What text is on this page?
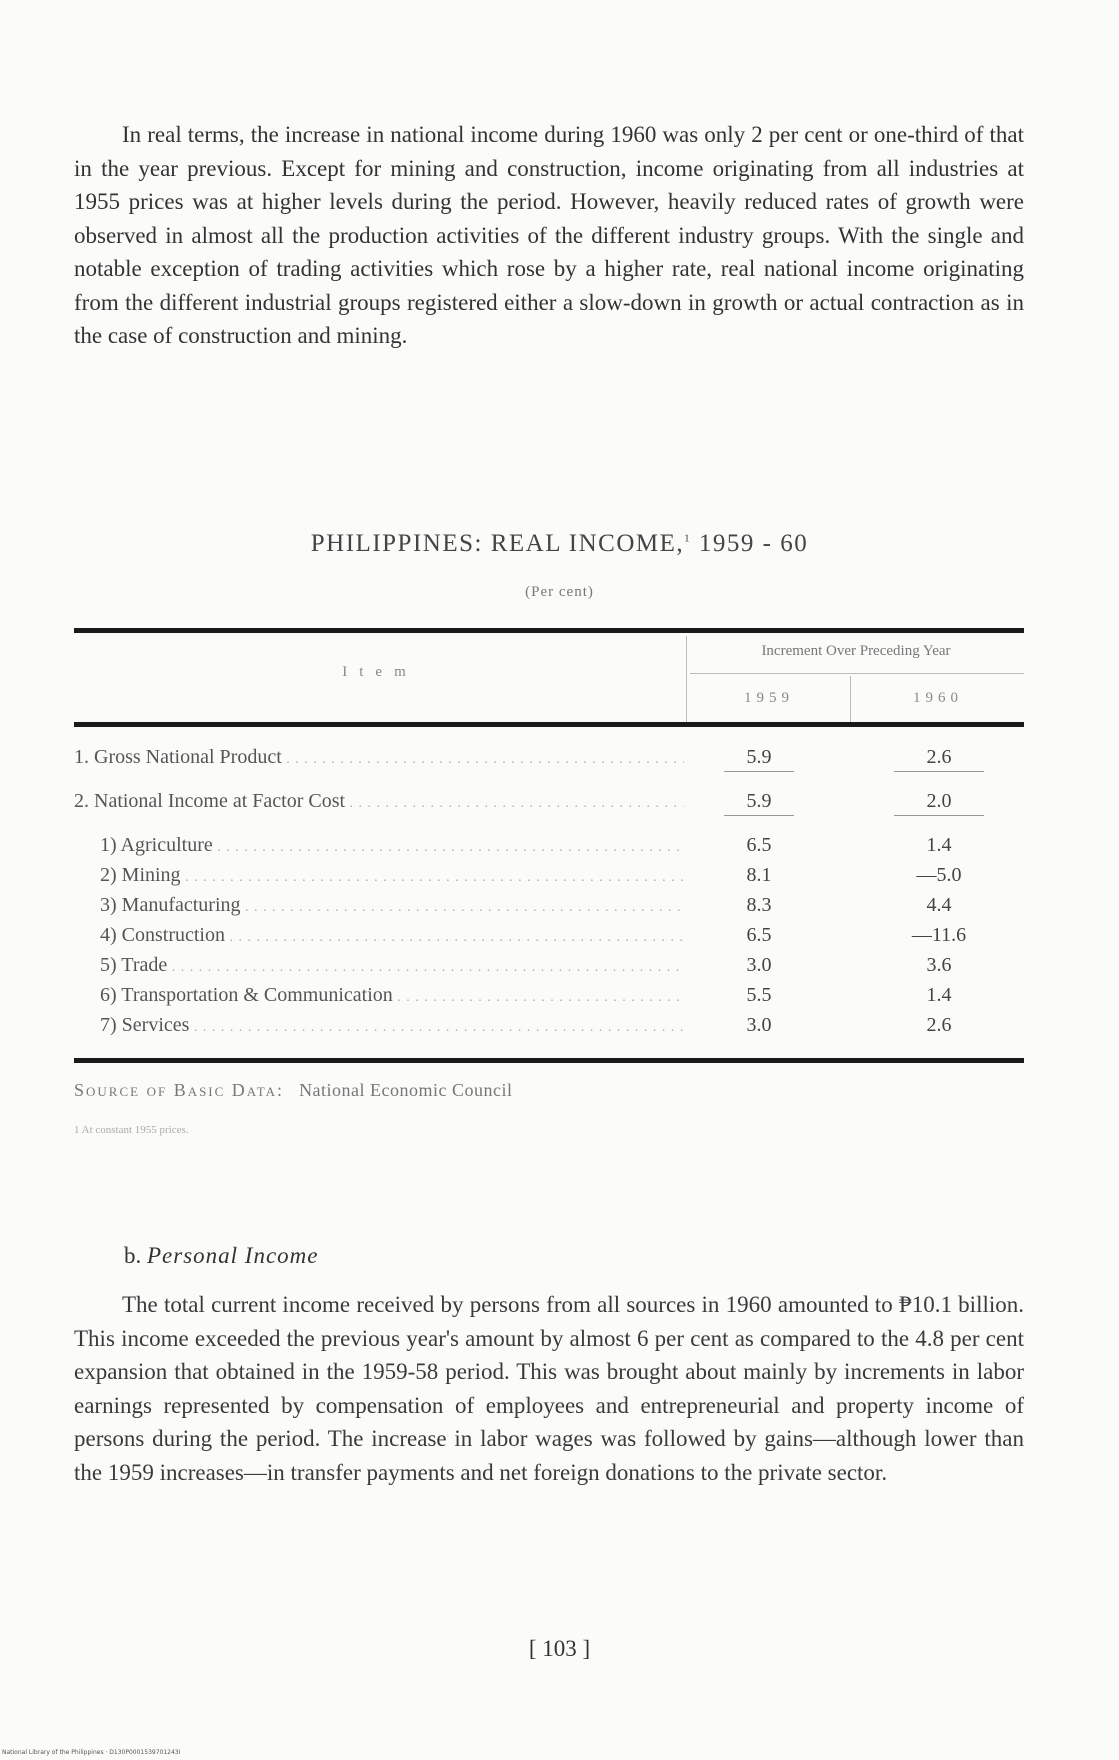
In real terms, the increase in national income during 1960 was only 2 per cent or one-third of that in the year previous. Except for mining and construction, income originating from all industries at 1955 prices was at higher levels during the period. However, heavily reduced rates of growth were observed in almost all the production activities of the different industry groups. With the single and notable exception of trading activities which rose by a higher rate, real national income originating from the different industrial groups registered either a slow-down in growth or actual contraction as in the case of construction and mining.

PHILIPPINES: REAL INCOME,$^1$ 1959 - 60
(Per cent)
Item
Increment Over Preceding Year
1959	1960
1. Gross National Product . . .	5.9	2.6
2. National Income at Factor Cost . . .	5.9	2.0
1) Agriculture . . .	6.5	1.4
2) Mining . . .	8.1	—5.0
3) Manufacturing . . .	8.3	4.4
4) Construction . . .	6.5	—11.6
5) Trade . . .	3.0	3.6
6) Transportation & Communication . . .	5.5	1.4
7) Services . . .	3.0	2.6
Source of Basic Data: National Economic Council
1 At constant 1955 prices.
b. Personal Income

The total current income received by persons from all sources in 1960 amounted to ₱10.1 billion. This income exceeded the previous year's amount by almost 6 per cent as compared to the 4.8 per cent expansion that obtained in the 1959-58 period. This was brought about mainly by increments in labor earnings represented by compensation of employees and entrepreneurial and property income of persons during the period. The increase in labor wages was followed by gains—although lower than the 1959 increases—in transfer payments and net foreign donations to the private sector.

[ 103 ]
National Library of the Philippines · D130P0001539701243I
